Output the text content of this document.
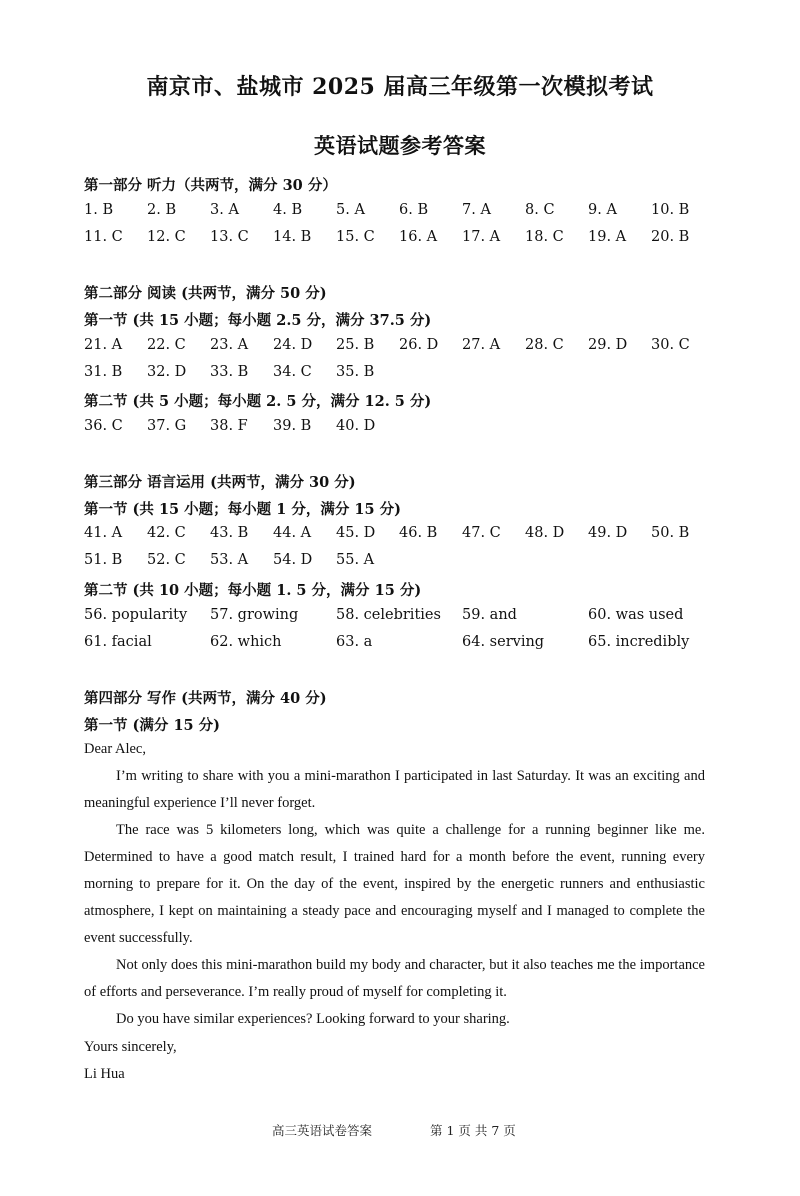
南京市、盐城市 2025 届高三年级第一次模拟考试
英语试题参考答案
第一部分 听力（共两节，满分 30 分）
1. B 2. B 3. A 4. B 5. A 6. B 7. A 8. C 9. A 10. B
11. C 12. C 13. C 14. B 15. C 16. A 17. A 18. C 19. A 20. B
第二部分 阅读 (共两节，满分 50 分)
第一节 (共 15 小题；每小题 2.5 分，满分 37.5 分)
21. A 22. C 23. A 24. D 25. B 26. D 27. A 28. C 29. D 30. C
31. B 32. D 33. B 34. C 35. B
第二节 (共 5 小题；每小题 2. 5 分，满分 12. 5 分)
36. C 37. G 38. F 39. B 40. D
第三部分 语言运用 (共两节，满分 30 分)
第一节 (共 15 小题；每小题 1 分，满分 15 分)
41. A 42. C 43. B 44. A 45. D 46. B 47. C 48. D 49. D 50. B
51. B 52. C 53. A 54. D 55. A
第二节 (共 10 小题；每小题 1. 5 分，满分 15 分)
56. popularity 57. growing	58. celebrities 59. and	60. was used
61. facial	62. which	63. a	64. serving	65. incredibly
第四部分 写作 (共两节，满分 40 分)
第一节 (满分 15 分)
Dear Alec,
I’m writing to share with you a mini-marathon I participated in last Saturday. It was an exciting and meaningful experience I’ll never forget.
The race was 5 kilometers long, which was quite a challenge for a running beginner like me. Determined to have a good match result, I trained hard for a month before the event, running every morning to prepare for it. On the day of the event, inspired by the energetic runners and enthusiastic atmosphere, I kept on maintaining a steady pace and encouraging myself and I managed to complete the event successfully.
Not only does this mini-marathon build my body and character, but it also teaches me the importance of efforts and perseverance. I’m really proud of myself for completing it.
Do you have similar experiences? Looking forward to your sharing.
Yours sincerely,
Li Hua
高三英语试卷答案	第 1 页 共 7 页
